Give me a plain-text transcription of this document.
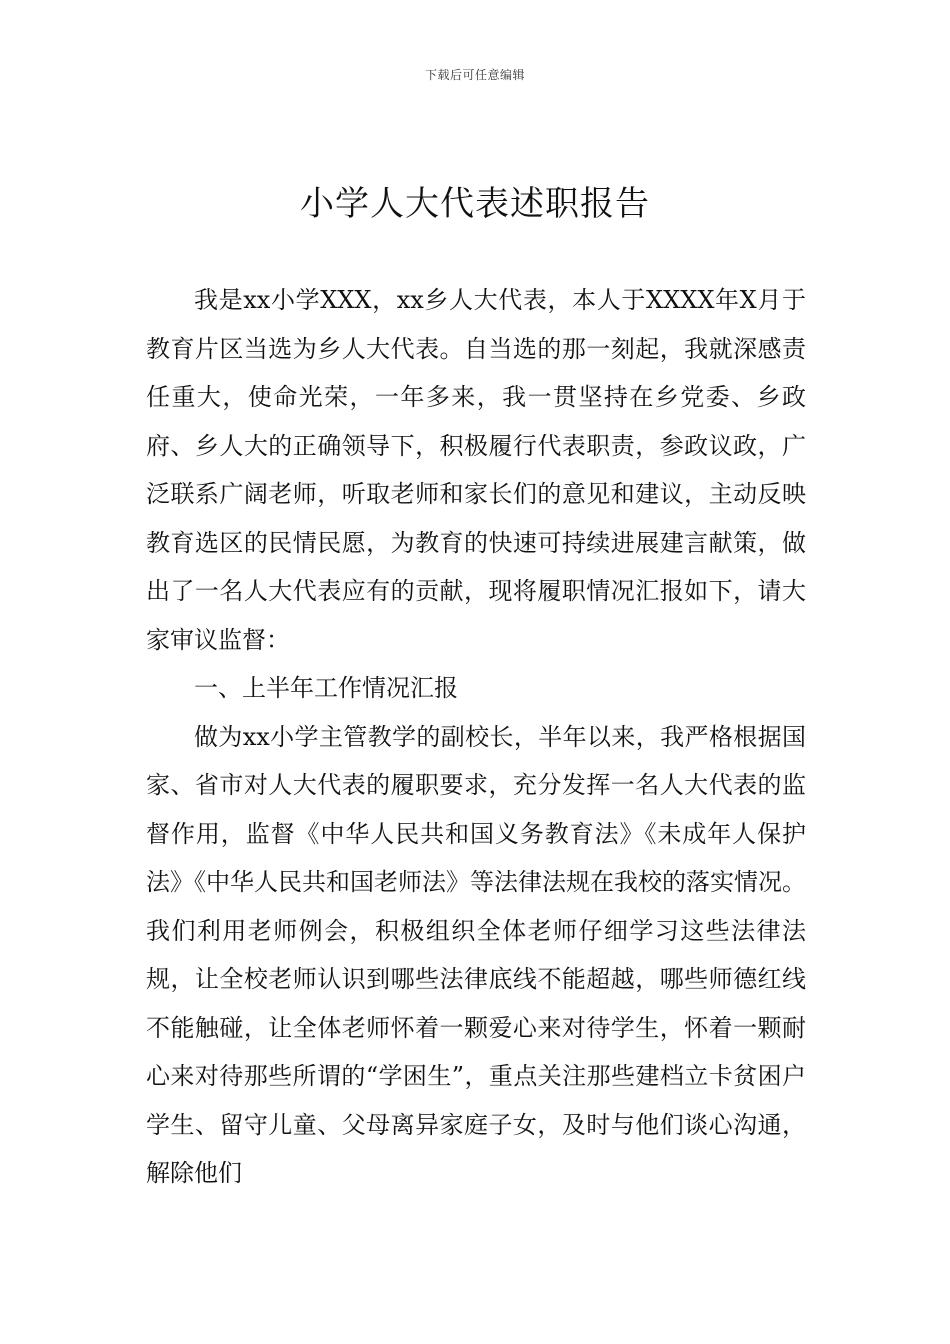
下载后可任意编辑
小学人大代表述职报告

我是xx小学XXX，xx乡人大代表，本人于XXXX年X月于教育片区当选为乡人大代表。自当选的那一刻起，我就深感责任重大，使命光荣，一年多来，我一贯坚持在乡党委、乡政府、乡人大的正确领导下，积极履行代表职责，参政议政，广泛联系广阔老师，听取老师和家长们的意见和建议，主动反映教育选区的民情民愿，为教育的快速可持续进展建言献策，做出了一名人大代表应有的贡献，现将履职情况汇报如下，请大家审议监督：

一、上半年工作情况汇报

做为xx小学主管教学的副校长，半年以来，我严格根据国家、省市对人大代表的履职要求，充分发挥一名人大代表的监督作用，监督《中华人民共和国义务教育法》《未成年人保护法》《中华人民共和国老师法》等法律法规在我校的落实情况。我们利用老师例会，积极组织全体老师仔细学习这些法律法规，让全校老师认识到哪些法律底线不能超越，哪些师德红线不能触碰，让全体老师怀着一颗爱心来对待学生，怀着一颗耐心来对待那些所谓的“学困生”，重点关注那些建档立卡贫困户学生、留守儿童、父母离异家庭子女，及时与他们谈心沟通，解除他们
